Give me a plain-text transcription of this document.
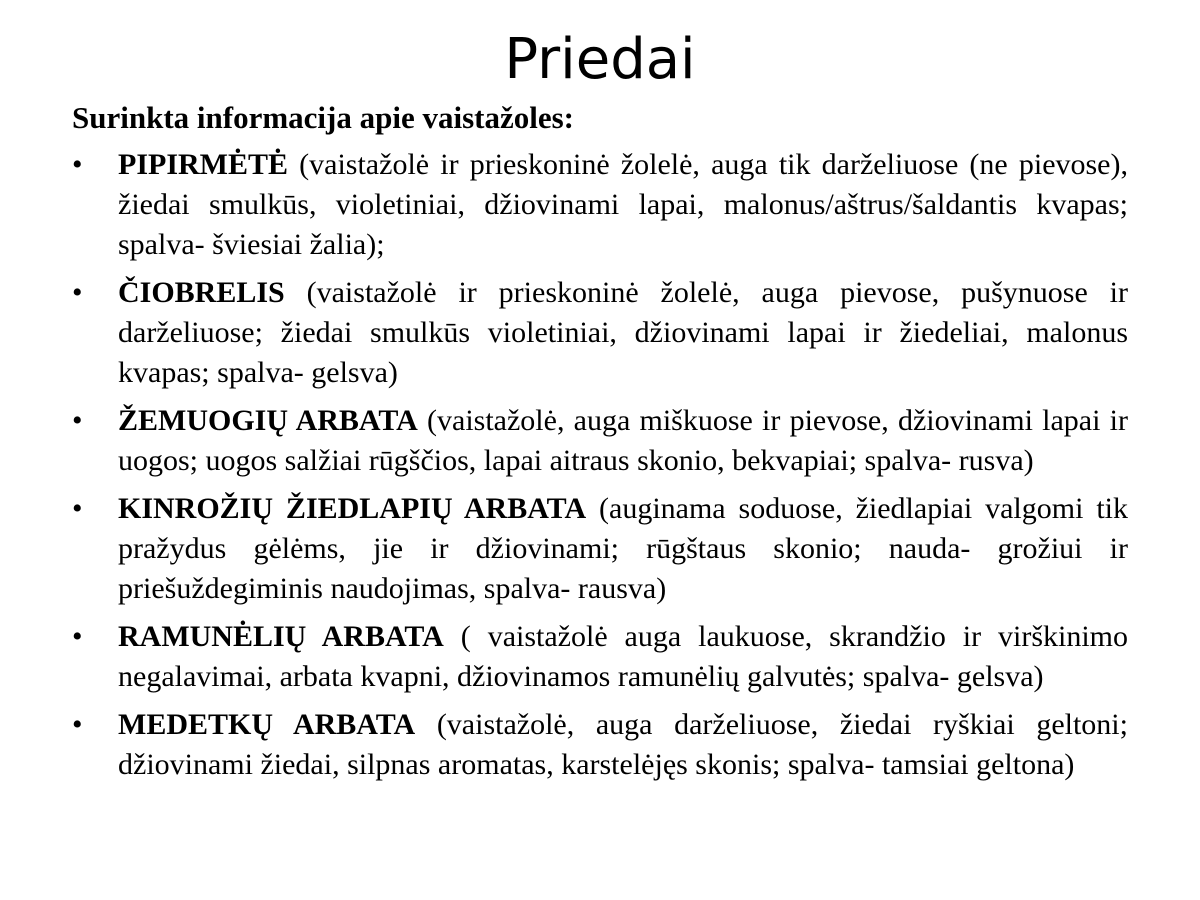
Priedai

Surinkta informacija apie vaistažoles:

•	PIPIRMĖTĖ (vaistažolė ir prieskoninė žolelė, auga tik darželiuose (ne pievose), žiedai smulkūs, violetiniai, džiovinami lapai, malonus/aštrus/šaldantis kvapas; spalva- šviesiai žalia);
•	ČIOBRELIS (vaistažolė ir prieskoninė žolelė, auga pievose, pušynuose ir darželiuose; žiedai smulkūs violetiniai, džiovinami lapai ir žiedeliai, malonus kvapas; spalva- gelsva)
•	ŽEMUOGIŲ ARBATA (vaistažolė, auga miškuose ir pievose, džiovinami lapai ir uogos; uogos salžiai rūgščios, lapai aitraus skonio, bekvapiai; spalva- rusva)
•	KINROŽIŲ ŽIEDLAPIŲ ARBATA (auginama soduose, žiedlapiai valgomi tik pražydus gėlėms, jie ir džiovinami; rūgštaus skonio; nauda- grožiui ir priešuždegiminis naudojimas, spalva- rausva)
•	RAMUNĖLIŲ ARBATA ( vaistažolė auga laukuose, skrandžio ir virškinimo negalavimai, arbata kvapni, džiovinamos ramunėlių galvutės; spalva- gelsva)
•	MEDETKŲ ARBATA (vaistažolė, auga darželiuose, žiedai ryškiai geltoni; džiovinami žiedai, silpnas aromatas, karstelėjęs skonis; spalva- tamsiai geltona)
